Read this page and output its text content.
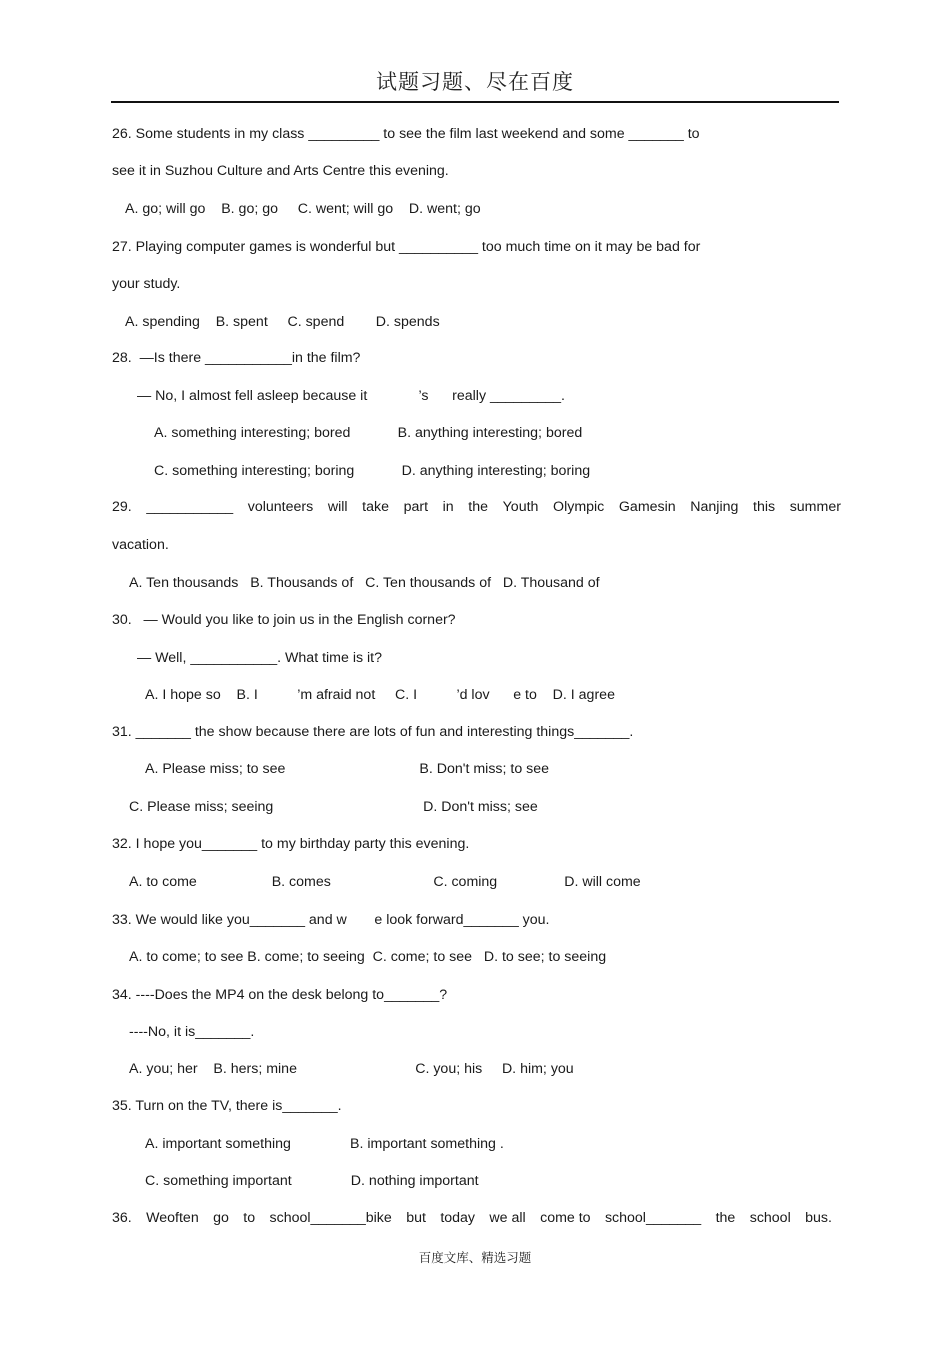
试题习题、尽在百度
26. Some students in my class _________ to see the film last weekend and some _______ to
see it in Suzhou Culture and Arts Centre this evening.
A. go; will go    B. go; go     C. went; will go    D. went; go
27. Playing computer games is wonderful but __________ too much time on it may be bad for
your study.
A. spending    B. spent     C. spend        D. spends
28.  —Is there ___________in the film?
— No, I almost fell asleep because it             ’s      really _________.
A. something interesting; bored            B. anything interesting; bored
C. something interesting; boring            D. anything interesting; boring
29. ___________ volunteers will take part in the Youth Olympic Gamesin Nanjing this summer
vacation.
A. Ten thousands   B. Thousands of   C. Ten thousands of   D. Thousand of
30.   — Would you like to join us in the English corner?
— Well, ___________. What time is it?
A. I hope so    B. I          ’m afraid not     C. I          ’d lov      e to    D. I agree
31. _______ the show because there are lots of fun and interesting things_______.
A. Please miss; to see                                  B. Don't miss; to see
C. Please miss; seeing                                      D. Don't miss; see
32. I hope you_______ to my birthday party this evening.
A. to come                   B. comes                          C. coming                 D. will come
33. We would like you_______ and w       e look forward_______ you.
A. to come; to see B. come; to seeing  C. come; to see   D. to see; to seeing
34. ----Does the MP4 on the desk belong to_______?
----No, it is_______.
A. you; her    B. hers; mine                              C. you; his     D. him; you
35. Turn on the TV, there is_______.
A. important something               B. important something .
C. something important               D. nothing important
36. Weoften go to school_______bike but today we all come to school_______ the school bus.
百度文库、精选习题
